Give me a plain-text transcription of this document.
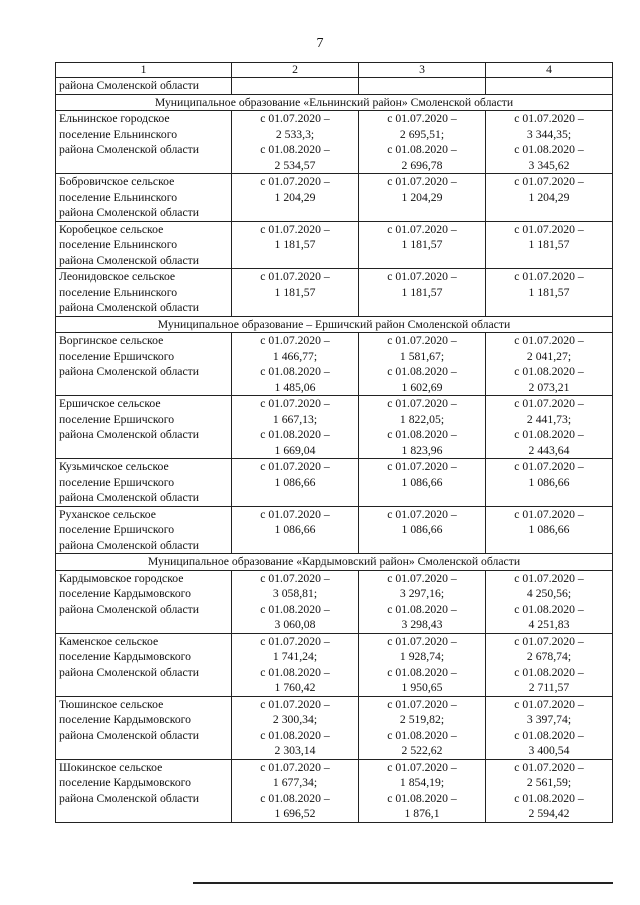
7
1	2	3	4
района Смоленской области			
Муниципальное образование «Ельнинский район» Смоленской области			
Ельнинское городское
поселение Ельнинского
района Смоленской области	с 01.07.2020 –
2 533,3;
с 01.08.2020 –
2 534,57	с 01.07.2020 –
2 695,51;
с 01.08.2020 –
2 696,78	с 01.07.2020 –
3 344,35;
с 01.08.2020 –
3 345,62
Бобровичское сельское
поселение Ельнинского
района Смоленской области	с 01.07.2020 –
1 204,29	с 01.07.2020 –
1 204,29	с 01.07.2020 –
1 204,29
Коробецкое сельское
поселение Ельнинского
района Смоленской области	с 01.07.2020 –
1 181,57	с 01.07.2020 –
1 181,57	с 01.07.2020 –
1 181,57
Леонидовское сельское
поселение Ельнинского
района Смоленской области	с 01.07.2020 –
1 181,57	с 01.07.2020 –
1 181,57	с 01.07.2020 –
1 181,57
Муниципальное образование – Ершичский район Смоленской области			
Воргинское сельское
поселение Ершичского
района Смоленской области	с 01.07.2020 –
1 466,77;
с 01.08.2020 –
1 485,06	с 01.07.2020 –
1 581,67;
с 01.08.2020 –
1 602,69	с 01.07.2020 –
2 041,27;
с 01.08.2020 –
2 073,21
Ершичское сельское
поселение Ершичского
района Смоленской области	с 01.07.2020 –
1 667,13;
с 01.08.2020 –
1 669,04	с 01.07.2020 –
1 822,05;
с 01.08.2020 –
1 823,96	с 01.07.2020 –
2 441,73;
с 01.08.2020 –
2 443,64
Кузьмичское сельское
поселение Ершичского
района Смоленской области	с 01.07.2020 –
1 086,66	с 01.07.2020 –
1 086,66	с 01.07.2020 –
1 086,66
Руханское сельское
поселение Ершичского
района Смоленской области	с 01.07.2020 –
1 086,66	с 01.07.2020 –
1 086,66	с 01.07.2020 –
1 086,66
Муниципальное образование «Кардымовский район» Смоленской области			
Кардымовское городское
поселение Кардымовского
района Смоленской области	с 01.07.2020 –
3 058,81;
с 01.08.2020 –
3 060,08	с 01.07.2020 –
3 297,16;
с 01.08.2020 –
3 298,43	с 01.07.2020 –
4 250,56;
с 01.08.2020 –
4 251,83
Каменское сельское
поселение Кардымовского
района Смоленской области	с 01.07.2020 –
1 741,24;
с 01.08.2020 –
1 760,42	с 01.07.2020 –
1 928,74;
с 01.08.2020 –
1 950,65	с 01.07.2020 –
2 678,74;
с 01.08.2020 –
2 711,57
Тюшинское сельское
поселение Кардымовского
района Смоленской области	с 01.07.2020 –
2 300,34;
с 01.08.2020 –
2 303,14	с 01.07.2020 –
2 519,82;
с 01.08.2020 –
2 522,62	с 01.07.2020 –
3 397,74;
с 01.08.2020 –
3 400,54
Шокинское сельское
поселение Кардымовского
района Смоленской области	с 01.07.2020 –
1 677,34;
с 01.08.2020 –
1 696,52	с 01.07.2020 –
1 854,19;
с 01.08.2020 –
1 876,1	с 01.07.2020 –
2 561,59;
с 01.08.2020 –
2 594,42
